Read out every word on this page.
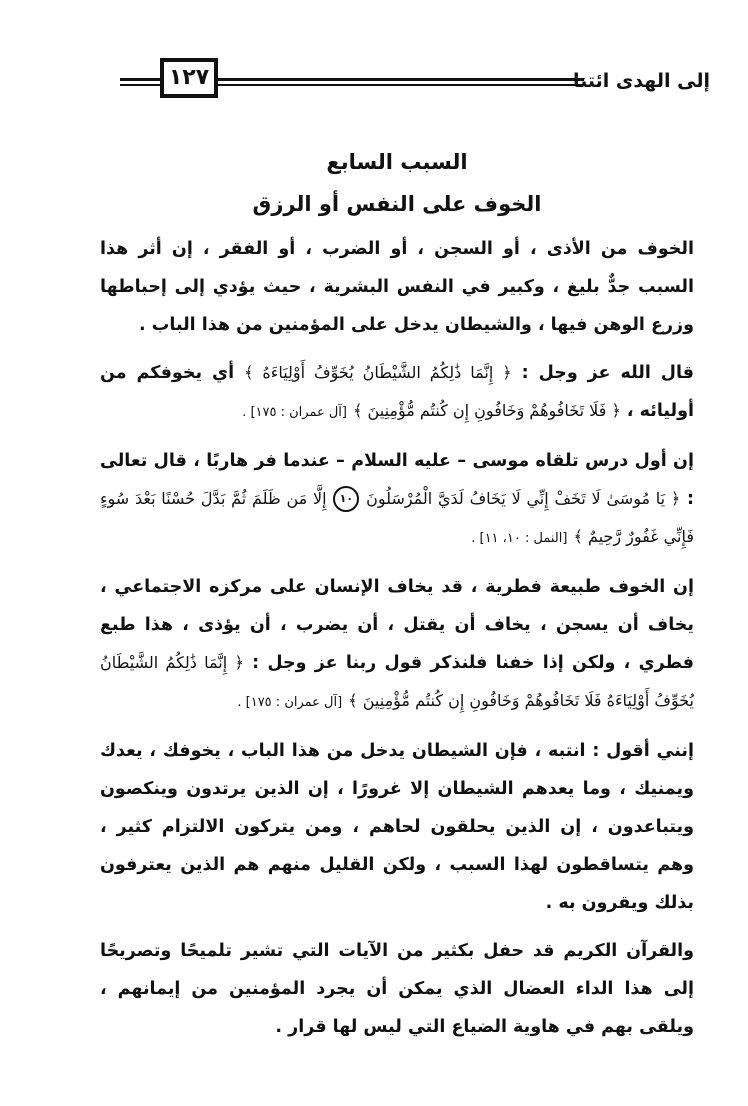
١٢٧	إلى الهدى ائتنا
السبب السابع
الخوف على النفس أو الرزق

الخوف من الأذى ، أو السجن ، أو الضرب ، أو الفقر ، إن أثر هذا السبب جدٌّ بليغ ، وكبير في النفس البشرية ، حيث يؤدي إلى إحباطها وزرع الوهن فيها ، والشيطان يدخل على المؤمنين من هذا الباب .

قال الله عز وجل : ﴿ إِنَّمَا ذَٰلِكُمُ الشَّيْطَانُ يُخَوِّفُ أَوْلِيَاءَهُ ﴾ أي يخوفكم من أوليائه ، ﴿ فَلَا تَخَافُوهُمْ وَخَافُونِ إِن كُنتُم مُّؤْمِنِينَ ﴾ [آل عمران : ١٧٥] .

إن أول درس تلقاه موسى – عليه السلام – عندما فر هاربًا ، قال تعالى : ﴿ يَا مُوسَىٰ لَا تَخَفْ إِنِّي لَا يَخَافُ لَدَيَّ الْمُرْسَلُونَ ١٠ إِلَّا مَن ظَلَمَ ثُمَّ بَدَّلَ حُسْنًا بَعْدَ سُوءٍ فَإِنِّي غَفُورٌ رَّحِيمٌ ﴾ [النمل : ١٠، ١١] .

إن الخوف طبيعة فطرية ، قد يخاف الإنسان على مركزه الاجتماعي ، يخاف أن يسجن ، يخاف أن يقتل ، أن يضرب ، أن يؤذى ، هذا طبع فطري ، ولكن إذا خفنا فلنذكر قول ربنا عز وجل : ﴿ إِنَّمَا ذَٰلِكُمُ الشَّيْطَانُ يُخَوِّفُ أَوْلِيَاءَهُ فَلَا تَخَافُوهُمْ وَخَافُونِ إِن كُنتُم مُّؤْمِنِينَ ﴾ [آل عمران : ١٧٥] .

إنني أقول : انتبه ، فإن الشيطان يدخل من هذا الباب ، يخوفك ، يعدك ويمنيك ، وما يعدهم الشيطان إلا غرورًا ، إن الذين يرتدون وينكصون ويتباعدون ، إن الذين يحلقون لحاهم ، ومن يتركون الالتزام كثير ، وهم يتساقطون لهذا السبب ، ولكن القليل منهم هم الذين يعترفون بذلك ويقرون به .

والقرآن الكريم قد حفل بكثير من الآيات التي تشير تلميحًا وتصريحًا إلى هذا الداء العضال الذي يمكن أن يجرد المؤمنين من إيمانهم ، ويلقى بهم في هاوية الضياع التي ليس لها قرار .
